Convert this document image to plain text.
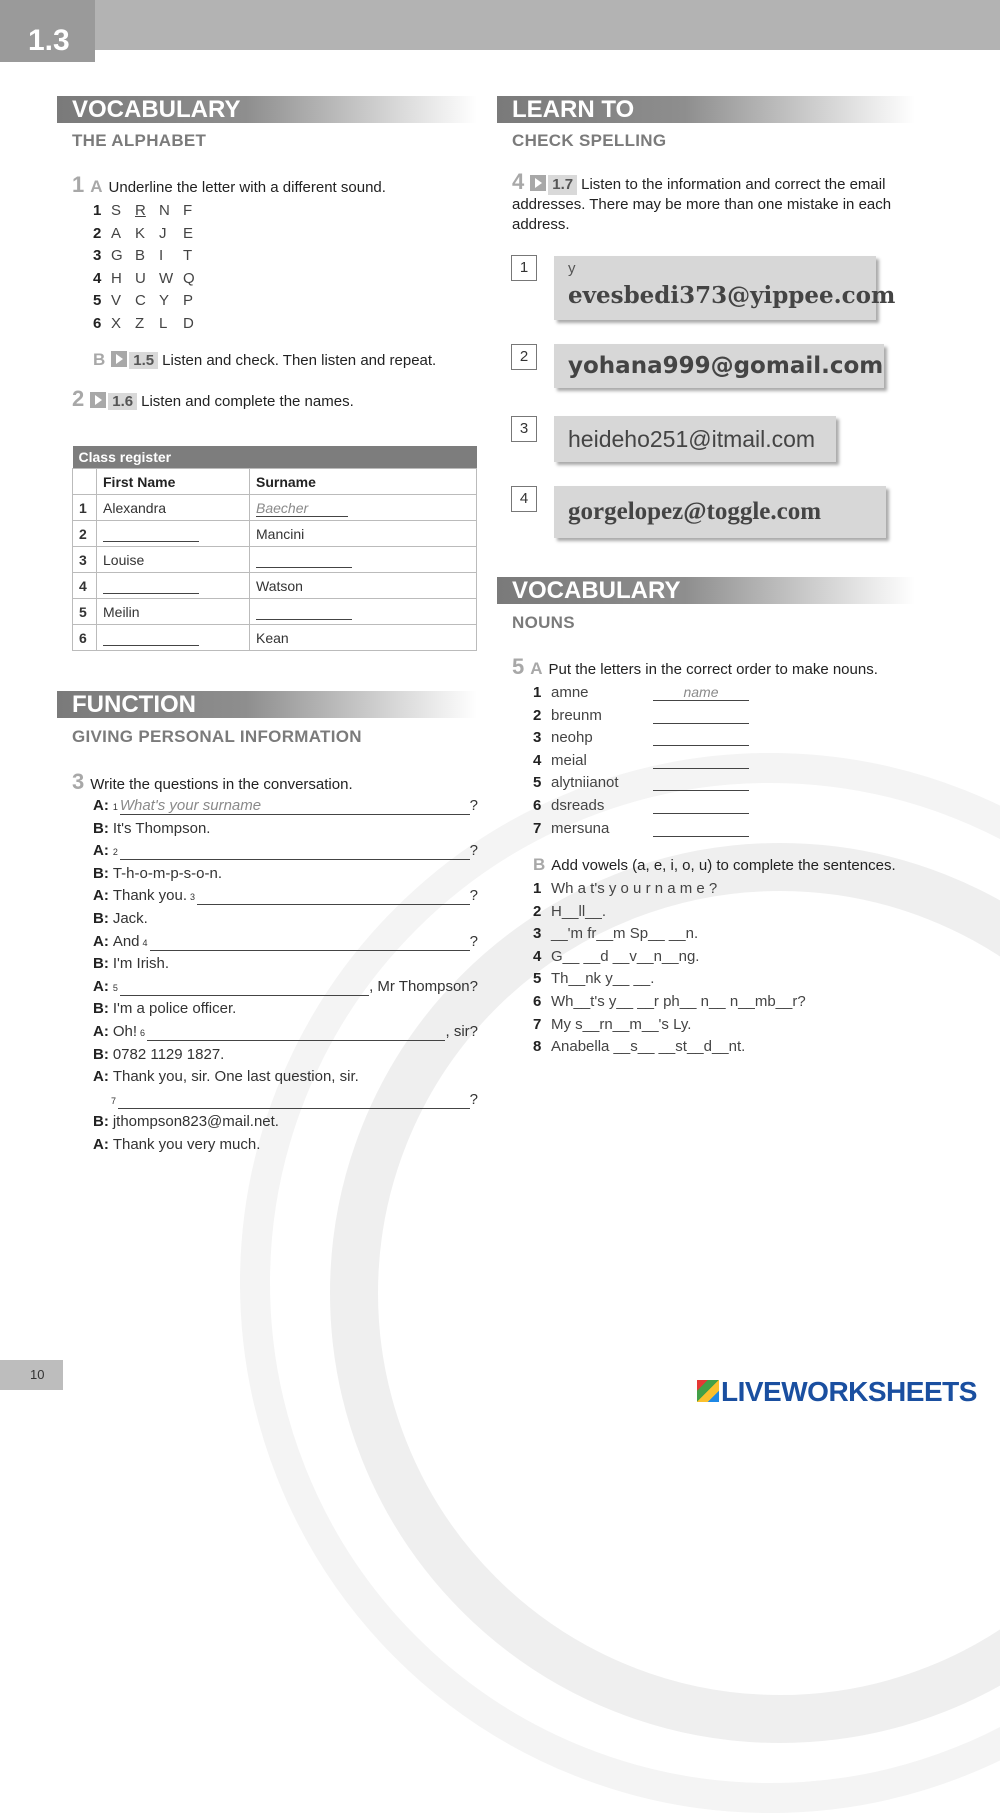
1.3
VOCABULARY
THE ALPHABET
1 A Underline the letter with a different sound.
1 S R N F
2 A K J E
3 G B I T
4 H U W Q
5 V C Y P
6 X Z L D
B 1.5 Listen and check. Then listen and repeat.
2 1.6 Listen and complete the names.
Class register		
	First Name	Surname
1	Alexandra	Baecher
2		Mancini
3	Louise	
4		Watson
5	Meilin	
6		Kean
FUNCTION
GIVING PERSONAL INFORMATION
3 Write the questions in the conversation.
A: 1 What's your surname	?
B: It's Thompson.
A: 2
	?
B: T-h-o-m-p-s-o-n.
A: Thank you. 3
	?
B: Jack.
A: And 4
	?
B: I'm Irish.
A: 5
	, Mr Thompson?
B: I'm a police officer.
A: Oh! 6
	, sir?
B: 0782 1129 1827.
A: Thank you, sir. One last question, sir.
7
	?
B: jthompson823@mail.net.
A: Thank you very much.
LEARN TO
CHECK SPELLING
4 1.7 Listen to the information and correct the email addresses. There may be more than one mistake in each address.
1	y
evesbedi373@yippee.com
2	yohana999@gomail.com
3	heideho251@itmail.com
4	gorgelopez@toggle.com
VOCABULARY
NOUNS
5 A Put the letters in the correct order to make nouns.
1 amne	name
2 breunm
3 neohp
4 meial
5 alytniianot
6 dsreads
7 mersuna
B Add vowels (a, e, i, o, u) to complete the sentences.
1 Wh a t's y o u r n a m e ?
2 H__ll__.
3 __'m fr__m Sp__ __n.
4 G__ __d __v__n__ng.
5 Th__nk y__ __.
6 Wh__t's y__ __r ph__ n__ n__mb__r?
7 My s__rn__m__'s Ly.
8 Anabella __s__ __st__d__nt.
10
LIVEWORKSHEETS
